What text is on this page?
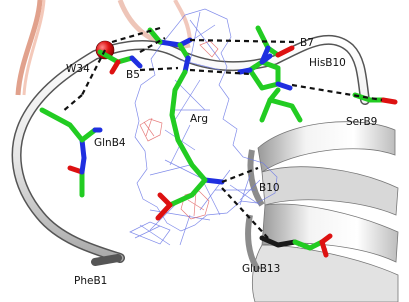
W34	B5
B7
HisB10
Arg
GlnB4
SerB9
B10
GluB13
PheB1
